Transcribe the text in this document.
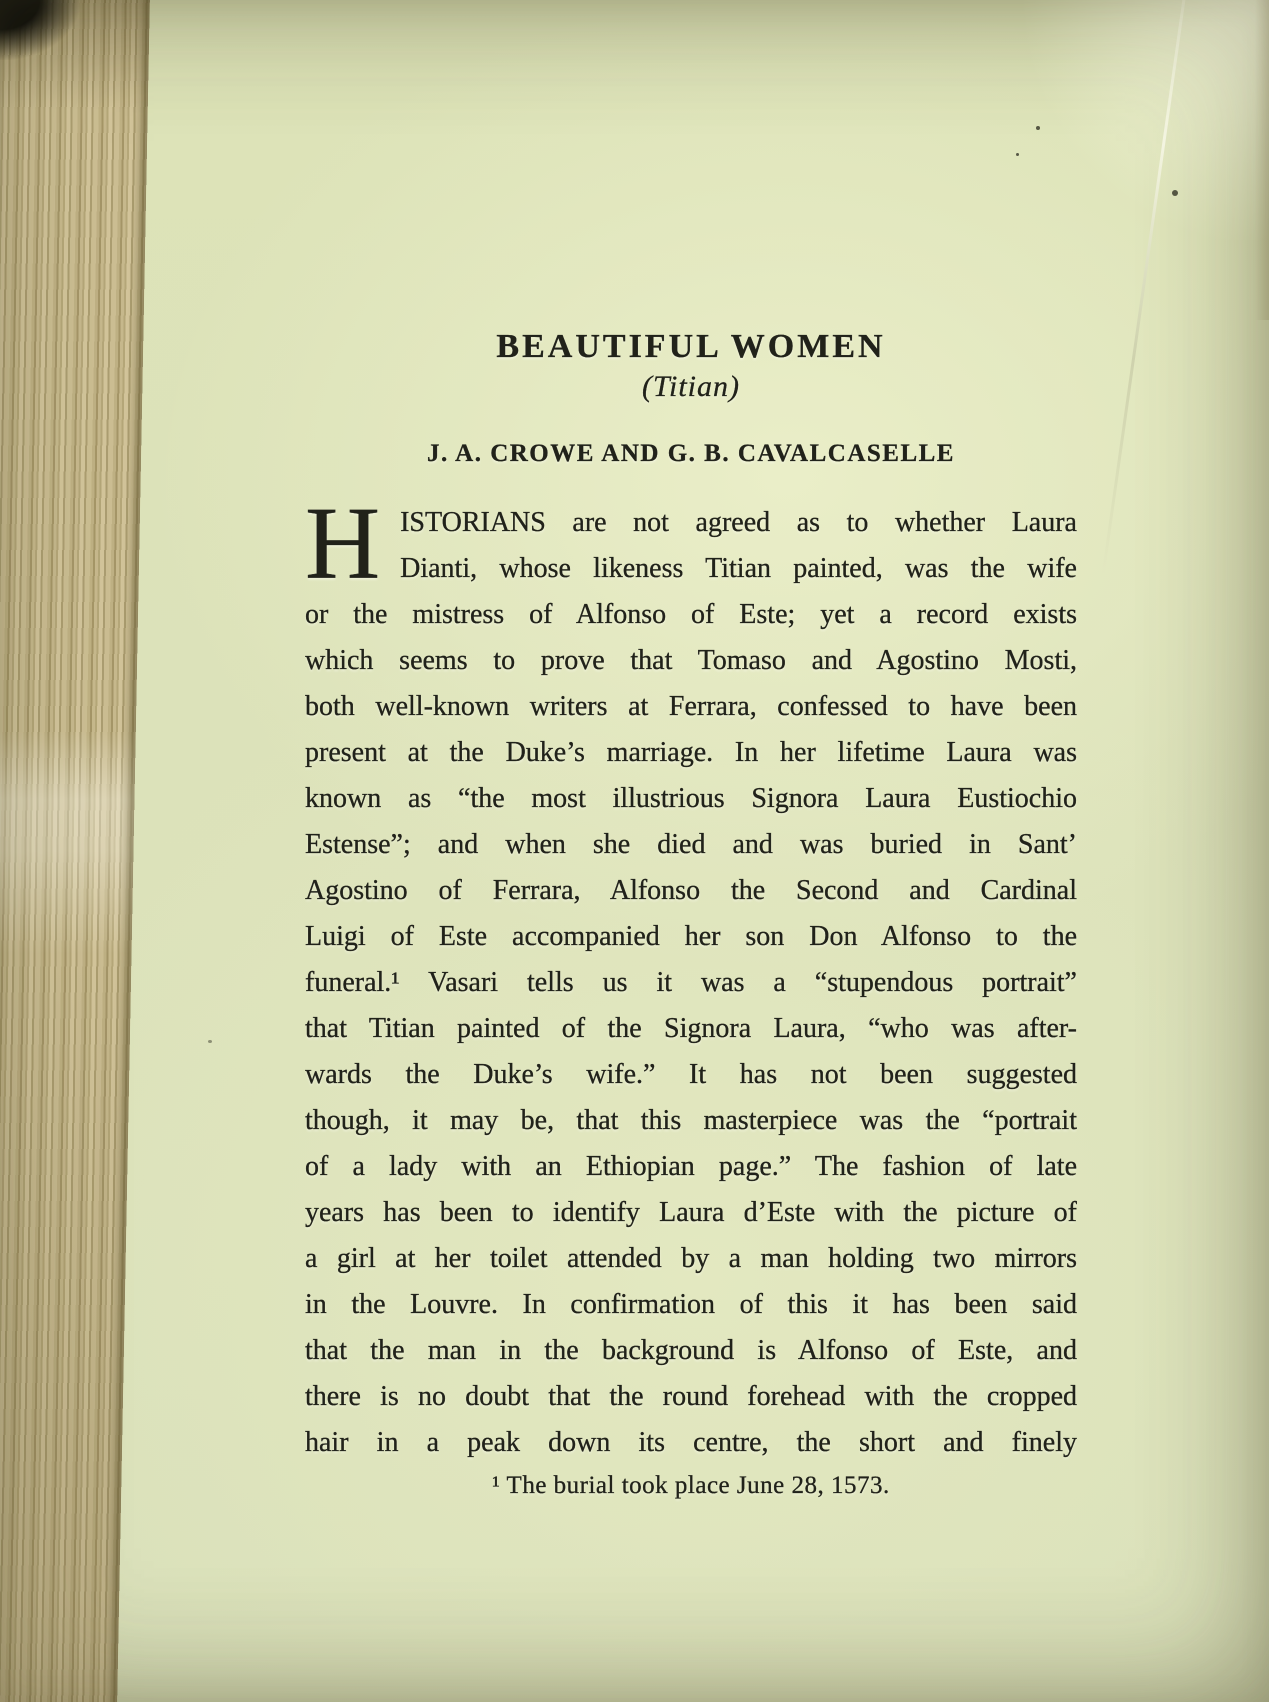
BEAUTIFUL WOMEN
(Titian)
J. A. CROWE AND G. B. CAVALCASELLE
H ISTORIANS are not agreed as to whether Laura
Dianti, whose likeness Titian painted, was the wife
or the mistress of Alfonso of Este; yet a record exists
which seems to prove that Tomaso and Agostino Mosti,
both well-known writers at Ferrara, confessed to have been
present at the Duke’s marriage. In her lifetime Laura was
known as “the most illustrious Signora Laura Eustiochio
Estense”; and when she died and was buried in Sant’
Agostino of Ferrara, Alfonso the Second and Cardinal
Luigi of Este accompanied her son Don Alfonso to the
funeral.¹ Vasari tells us it was a “stupendous portrait”
that Titian painted of the Signora Laura, “who was after-
wards the Duke’s wife.” It has not been suggested
though, it may be, that this masterpiece was the “portrait
of a lady with an Ethiopian page.” The fashion of late
years has been to identify Laura d’Este with the picture of
a girl at her toilet attended by a man holding two mirrors
in the Louvre. In confirmation of this it has been said
that the man in the background is Alfonso of Este, and
there is no doubt that the round forehead with the cropped
hair in a peak down its centre, the short and finely
¹ The burial took place June 28, 1573.
